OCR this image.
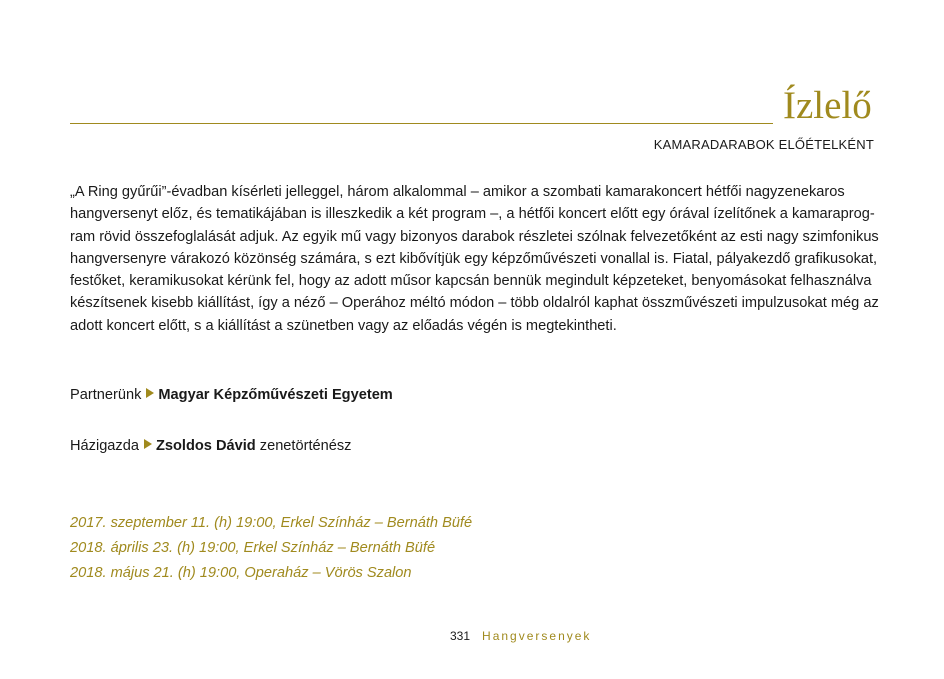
Ízlelő
KAMARADARABOK ELŐÉTELKÉNT
„A Ring gyűrűi”-évadban kísérleti jelleggel, három alkalommal – amikor a szombati kamarakoncert hétfői nagyzenekaros
hangversenyt előz, és tematikájában is illeszkedik a két program –, a hétfői koncert előtt egy órával ízelítőnek a kamaraprog-
ram rövid összefoglalását adjuk. Az egyik mű vagy bizonyos darabok részletei szólnak felvezetőként az esti nagy szimfonikus
hangversenyre várakozó közönség számára, s ezt kibővítjük egy képzőművészeti vonallal is. Fiatal, pályakezdő grafikusokat,
festőket, keramikusokat kérünk fel, hogy az adott műsor kapcsán bennük megindult képzeteket, benyomásokat felhasználva
készítsenek kisebb kiállítást, így a néző – Operához méltó módon – több oldalról kaphat összművészeti impulzusokat még az
adott koncert előtt, s a kiállítást a szünetben vagy az előadás végén is megtekintheti.
Partnerünk Magyar Képzőművészeti Egyetem
Házigazda Zsoldos Dávid zenetörténész
2017. szeptember 11. (h) 19:00, Erkel Színház – Bernáth Büfé
2018. április 23. (h) 19:00, Erkel Színház – Bernáth Büfé
2018. május 21. (h) 19:00, Operaház – Vörös Szalon
331 Hangversenyek
